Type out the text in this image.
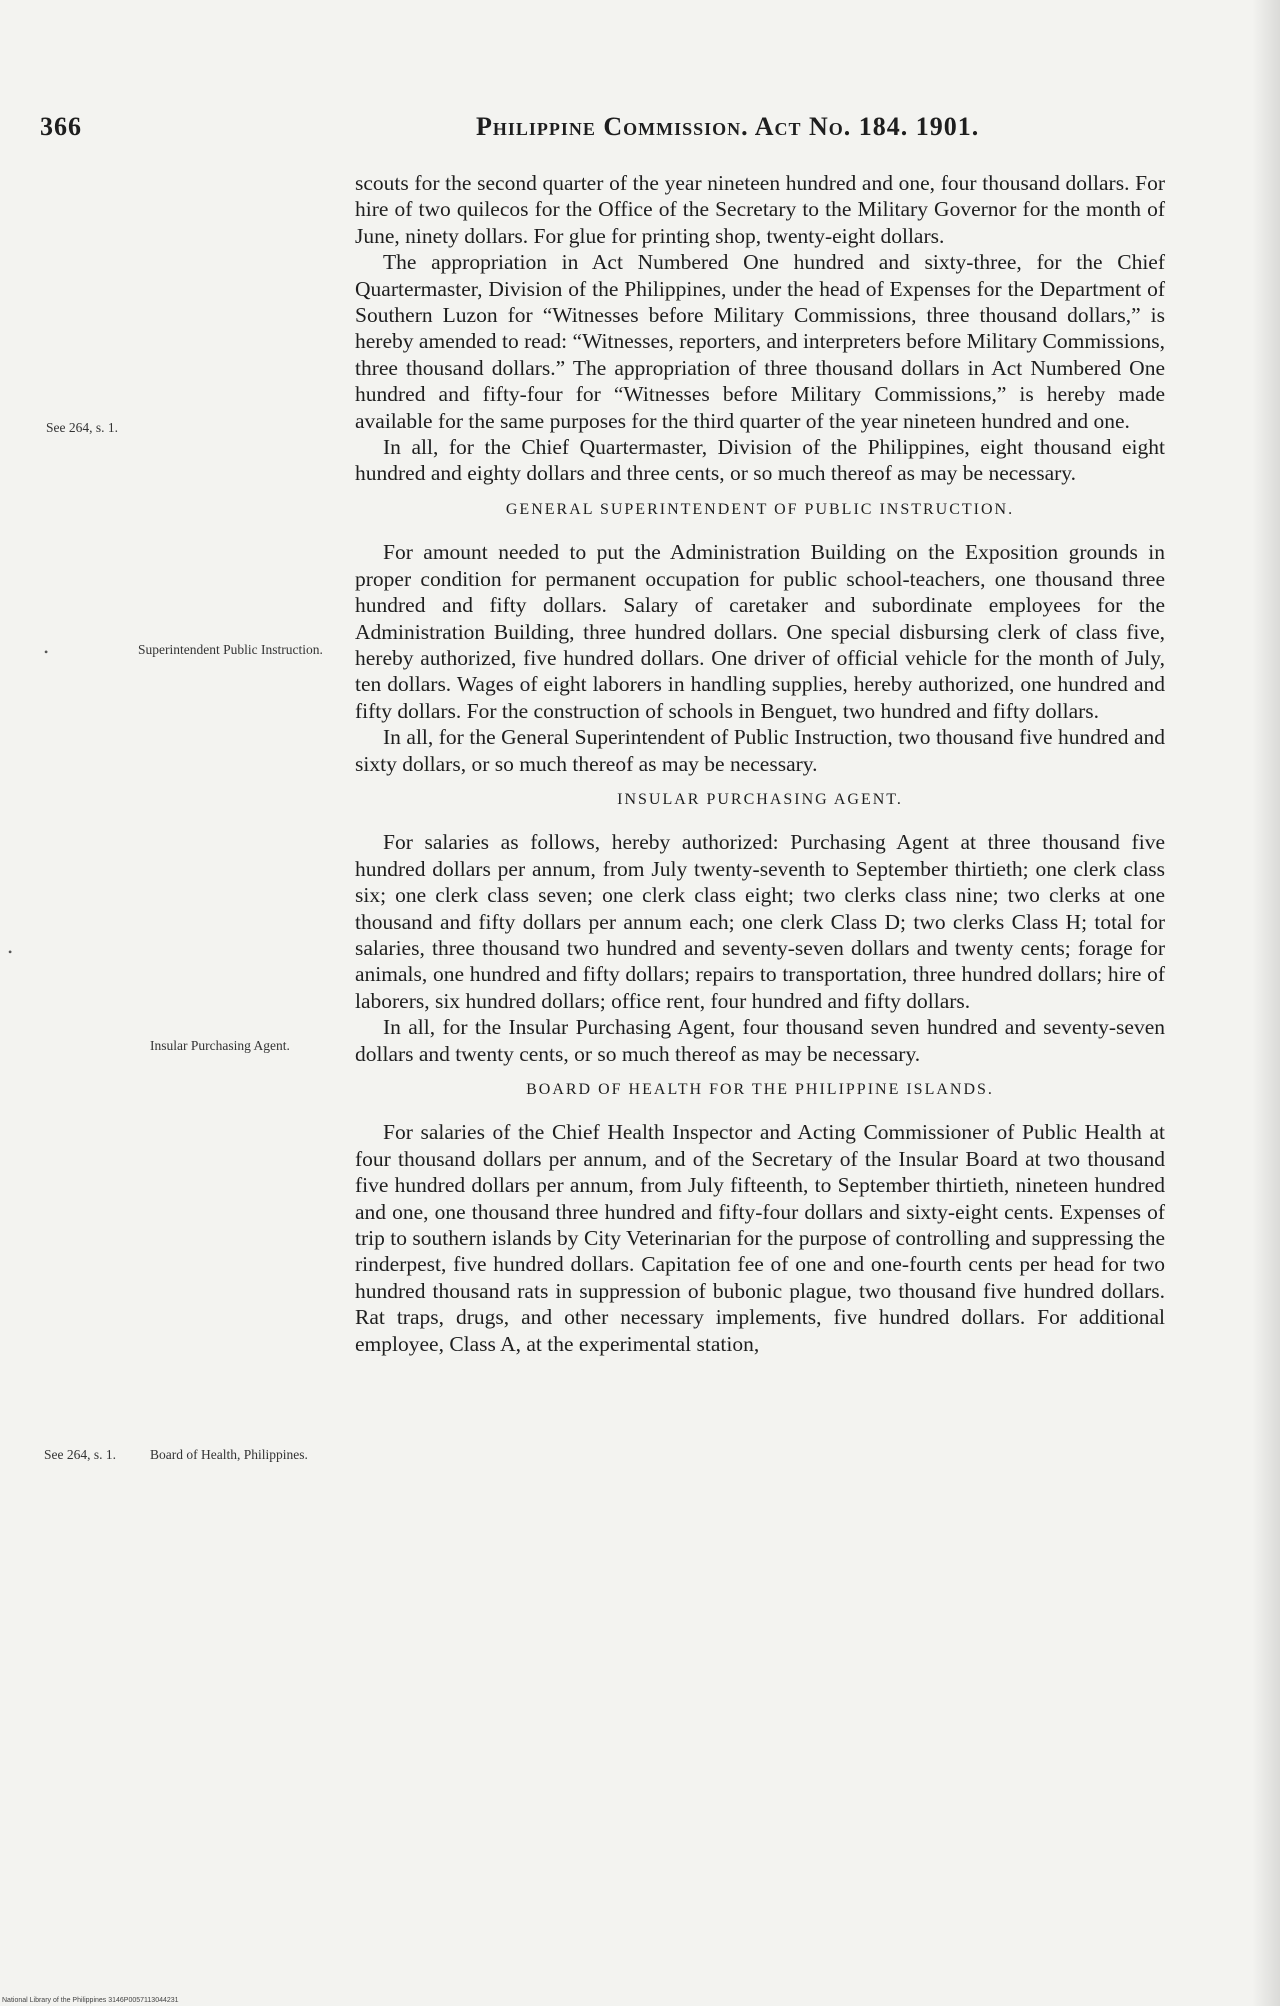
366	Philippine Commission. Act No. 184. 1901.
See 264, s. 1.
•	Superintendent Public Instruction.
•
Insular Purchasing Agent.
See 264, s. 1.	Board of Health, Philippines.

scouts for the second quarter of the year nineteen hundred and one, four thousand dollars. For hire of two quilecos for the Office of the Secretary to the Military Governor for the month of June, ninety dollars. For glue for printing shop, twenty-eight dollars.

The appropriation in Act Numbered One hundred and sixty-three, for the Chief Quartermaster, Division of the Philippines, under the head of Expenses for the Department of Southern Luzon for “Witnesses before Military Commissions, three thousand dollars,” is hereby amended to read: “Witnesses, reporters, and interpreters before Military Commissions, three thousand dollars.” The appropriation of three thousand dollars in Act Numbered One hundred and fifty-four for “Witnesses before Military Commissions,” is hereby made available for the same purposes for the third quarter of the year nineteen hundred and one.

In all, for the Chief Quartermaster, Division of the Philippines, eight thousand eight hundred and eighty dollars and three cents, or so much thereof as may be necessary.

GENERAL SUPERINTENDENT OF PUBLIC INSTRUCTION.

For amount needed to put the Administration Building on the Exposition grounds in proper condition for permanent occupation for public school-teachers, one thousand three hundred and fifty dollars. Salary of caretaker and subordinate employees for the Administration Building, three hundred dollars. One special disbursing clerk of class five, hereby authorized, five hundred dollars. One driver of official vehicle for the month of July, ten dollars. Wages of eight laborers in handling supplies, hereby authorized, one hundred and fifty dollars. For the construction of schools in Benguet, two hundred and fifty dollars.

In all, for the General Superintendent of Public Instruction, two thousand five hundred and sixty dollars, or so much thereof as may be necessary.

INSULAR PURCHASING AGENT.

For salaries as follows, hereby authorized: Purchasing Agent at three thousand five hundred dollars per annum, from July twenty-seventh to September thirtieth; one clerk class six; one clerk class seven; one clerk class eight; two clerks class nine; two clerks at one thousand and fifty dollars per annum each; one clerk Class D; two clerks Class H; total for salaries, three thousand two hundred and seventy-seven dollars and twenty cents; forage for animals, one hundred and fifty dollars; repairs to transportation, three hundred dollars; hire of laborers, six hundred dollars; office rent, four hundred and fifty dollars.

In all, for the Insular Purchasing Agent, four thousand seven hundred and seventy-seven dollars and twenty cents, or so much thereof as may be necessary.

BOARD OF HEALTH FOR THE PHILIPPINE ISLANDS.

For salaries of the Chief Health Inspector and Acting Commissioner of Public Health at four thousand dollars per annum, and of the Secretary of the Insular Board at two thousand five hundred dollars per annum, from July fifteenth, to September thirtieth, nineteen hundred and one, one thousand three hundred and fifty-four dollars and sixty-eight cents. Expenses of trip to southern islands by City Veterinarian for the purpose of controlling and suppressing the rinderpest, five hundred dollars. Capitation fee of one and one-fourth cents per head for two hundred thousand rats in suppression of bubonic plague, two thousand five hundred dollars. Rat traps, drugs, and other necessary implements, five hundred dollars. For additional employee, Class A, at the experimental station,

National Library of the Philippines 3146P0057113044231
